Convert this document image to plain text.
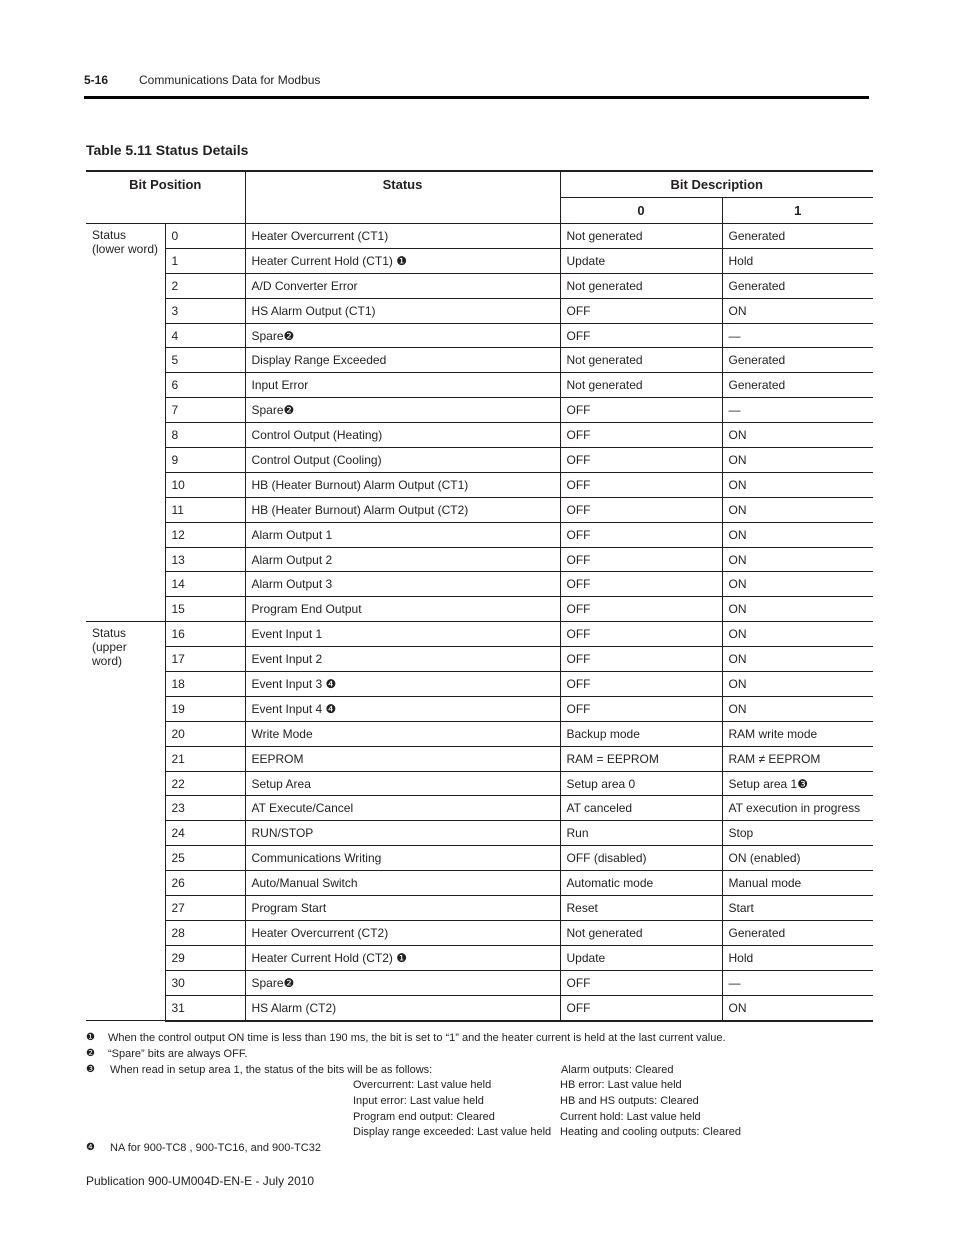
5-16	Communications Data for Modbus
Table 5.11 Status Details
Bit Position		Status	Bit Description	
			0	1

Status
(lower word)	0	Heater Overcurrent (CT1)	Not generated	Generated
	1	Heater Current Hold (CT1) ❶	Update	Hold
	2	A/D Converter Error	Not generated	Generated
	3	HS Alarm Output (CT1)	OFF	ON
	4	Spare❷	OFF	—
	5	Display Range Exceeded	Not generated	Generated
	6	Input Error	Not generated	Generated
	7	Spare❷	OFF	—
	8	Control Output (Heating)	OFF	ON
	9	Control Output (Cooling)	OFF	ON
	10	HB (Heater Burnout) Alarm Output (CT1)	OFF	ON
	11	HB (Heater Burnout) Alarm Output (CT2)	OFF	ON
	12	Alarm Output 1	OFF	ON
	13	Alarm Output 2	OFF	ON
	14	Alarm Output 3	OFF	ON
	15	Program End Output	OFF	ON

Status
(upper word)	16	Event Input 1	OFF	ON
	17	Event Input 2	OFF	ON
	18	Event Input 3 ❹	OFF	ON
	19	Event Input 4 ❹	OFF	ON
	20	Write Mode	Backup mode	RAM write mode
	21	EEPROM	RAM = EEPROM	RAM ≠ EEPROM
	22	Setup Area	Setup area 0	Setup area 1❸
	23	AT Execute/Cancel	AT canceled	AT execution in progress
	24	RUN/STOP	Run	Stop
	25	Communications Writing	OFF (disabled)	ON (enabled)
	26	Auto/Manual Switch	Automatic mode	Manual mode
	27	Program Start	Reset	Start
	28	Heater Overcurrent (CT2)	Not generated	Generated
	29	Heater Current Hold (CT2) ❶	Update	Hold
	30	Spare❷	OFF	—
	31	HS Alarm (CT2)	OFF	ON
❶ When the control output ON time is less than 190 ms, the bit is set to “1” and the heater current is held at the last current value.
❷ “Spare” bits are always OFF.
❸ When read in setup area 1, the status of the bits will be as follows:
Overcurrent: Last value held
Input error: Last value held
Program end output: Cleared
Display range exceeded: Last value held
Alarm outputs: Cleared
HB error: Last value held
HB and HS outputs: Cleared
Current hold: Last value held
Heating and cooling outputs: Cleared
❹ NA for 900-TC8 , 900-TC16, and 900-TC32
Publication 900-UM004D-EN-E - July 2010
